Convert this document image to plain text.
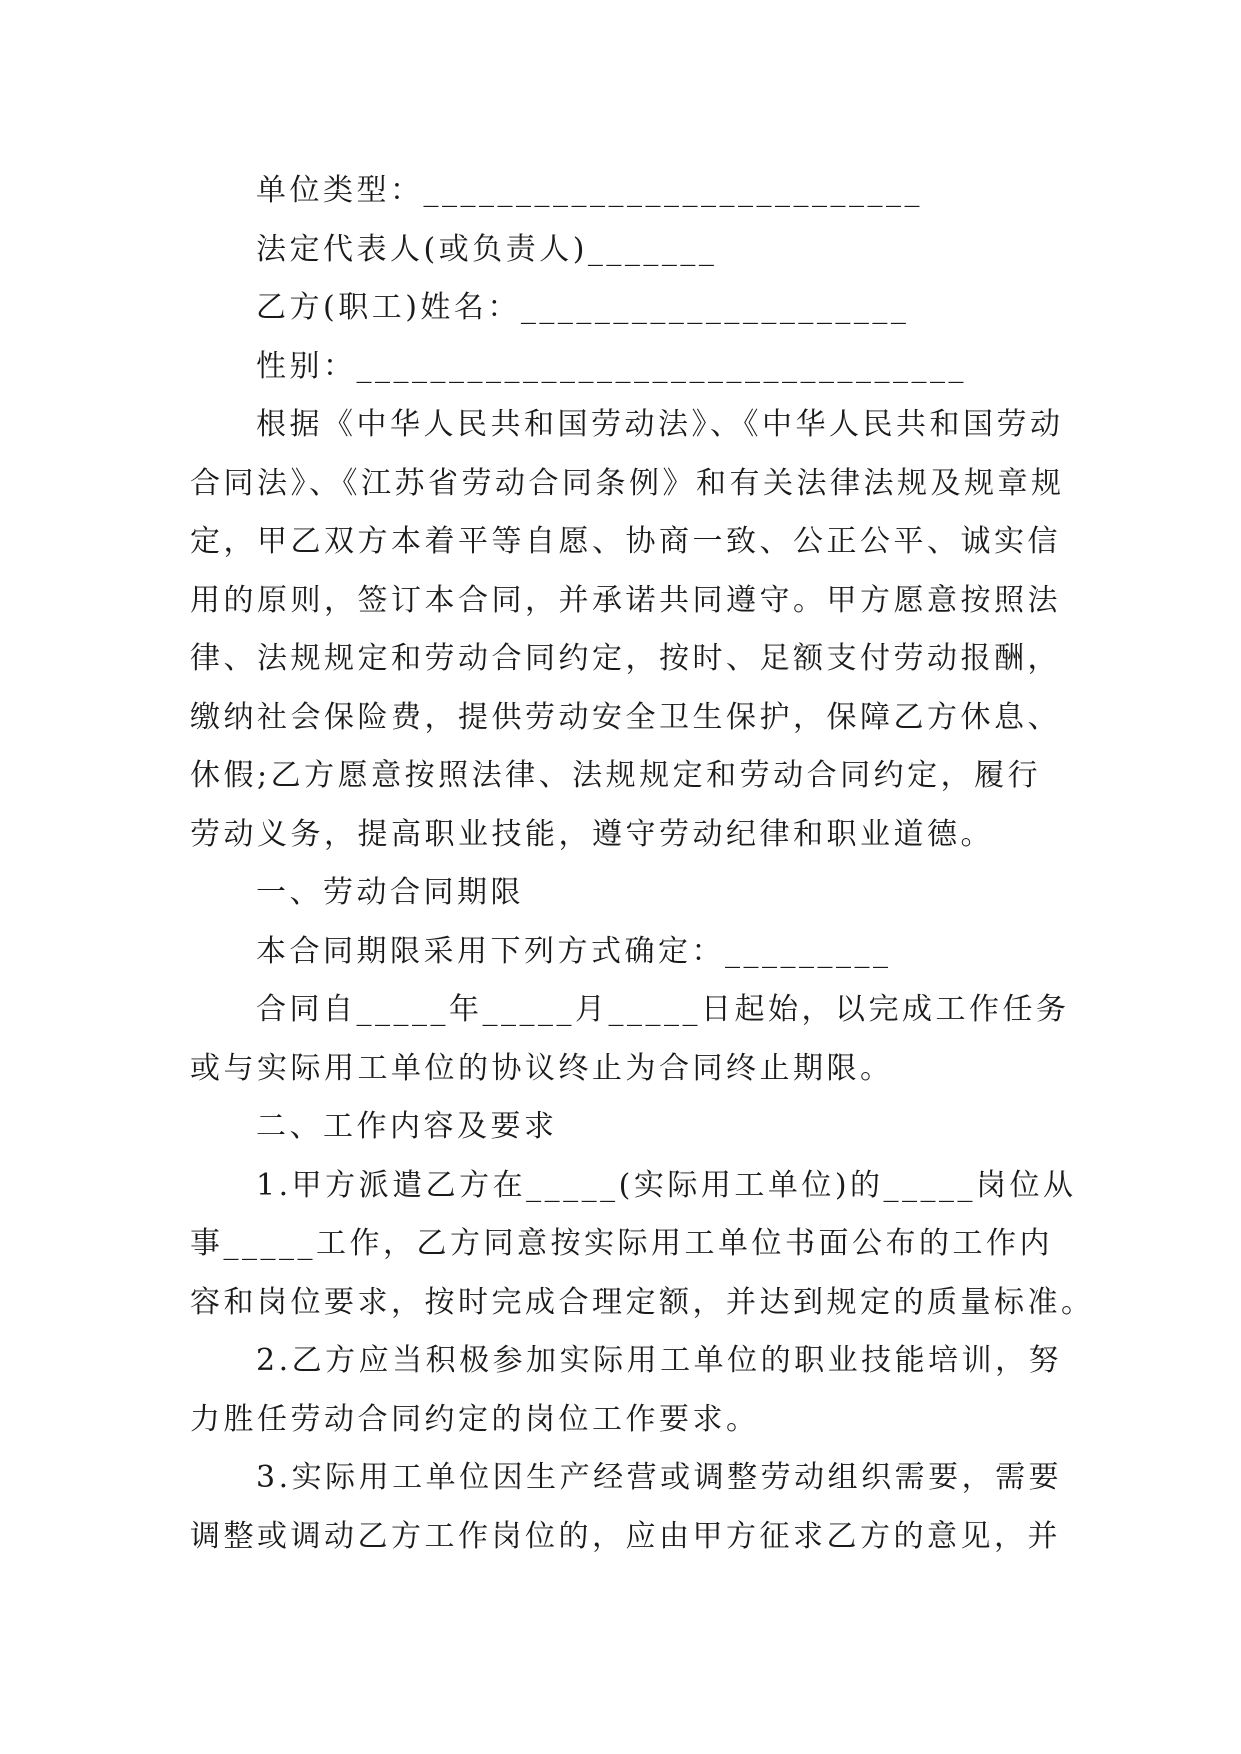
单位类型：___________________________
法定代表人(或负责人)_______
乙方(职工)姓名：_____________________
性别：_________________________________
根据《中华人民共和国劳动法》、《中华人民共和国劳动
合同法》、《江苏省劳动合同条例》和有关法律法规及规章规
定，甲乙双方本着平等自愿、协商一致、公正公平、诚实信
用的原则，签订本合同，并承诺共同遵守。甲方愿意按照法
律、法规规定和劳动合同约定，按时、足额支付劳动报酬，
缴纳社会保险费，提供劳动安全卫生保护，保障乙方休息、
休假;乙方愿意按照法律、法规规定和劳动合同约定，履行
劳动义务，提高职业技能，遵守劳动纪律和职业道德。
一、劳动合同期限
本合同期限采用下列方式确定：_________
合同自_____年_____月_____日起始，以完成工作任务
或与实际用工单位的协议终止为合同终止期限。
二、工作内容及要求
1.甲方派遣乙方在_____(实际用工单位)的_____岗位从
事_____工作，乙方同意按实际用工单位书面公布的工作内
容和岗位要求，按时完成合理定额，并达到规定的质量标准。
2.乙方应当积极参加实际用工单位的职业技能培训，努
力胜任劳动合同约定的岗位工作要求。
3.实际用工单位因生产经营或调整劳动组织需要，需要
调整或调动乙方工作岗位的，应由甲方征求乙方的意见，并
